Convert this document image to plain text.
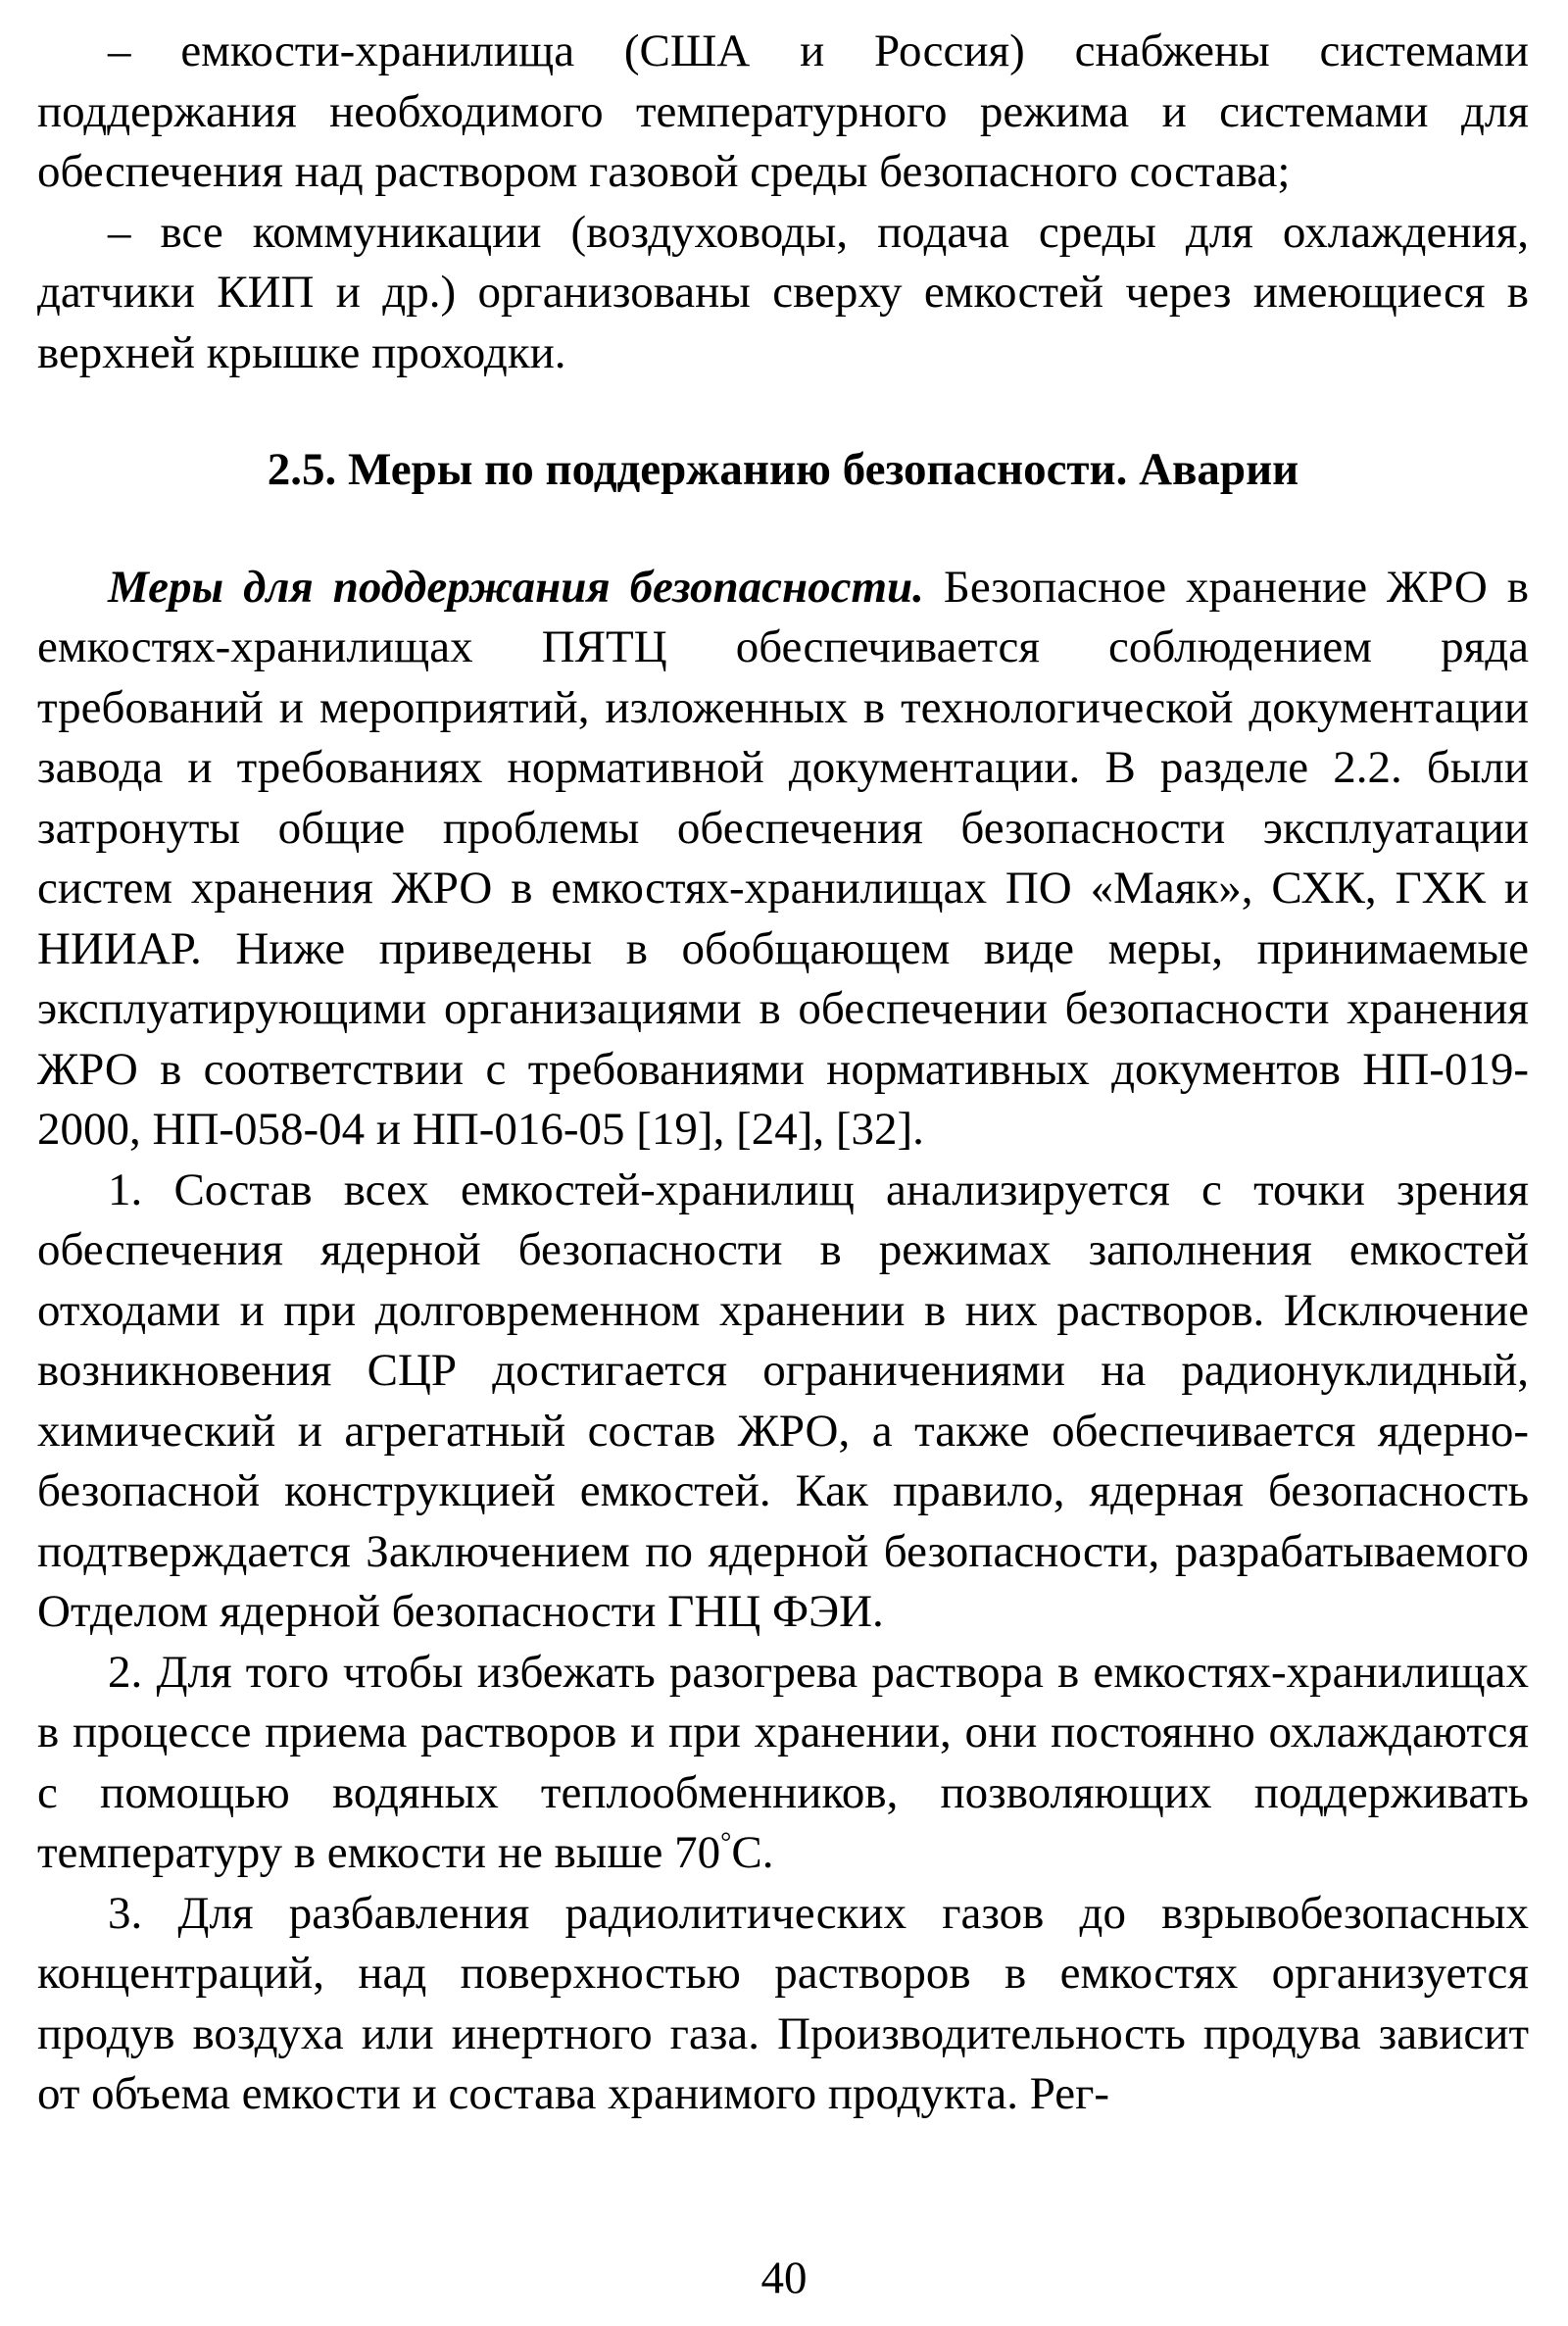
– емкости-хранилища (США и Россия) снабжены системами поддержания необходимого температурного режима и системами для обеспечения над раствором газовой среды безопасного состава;

– все коммуникации (воздуховоды, подача среды для охлаждения, датчики КИП и др.) организованы сверху емкостей через имеющиеся в верхней крышке проходки.

2.5. Меры по поддержанию безопасности. Аварии

Меры для поддержания безопасности. Безопасное хранение ЖРО в емкостях-хранилищах ПЯТЦ обеспечивается соблюдением ряда требований и мероприятий, изложенных в технологической документации завода и требованиях нормативной документации. В разделе 2.2. были затронуты общие проблемы обеспечения безопасности эксплуатации систем хранения ЖРО в емкостях-хранилищах ПО «Маяк», СХК, ГХК и НИИАР. Ниже приведены в обобщающем виде меры, принимаемые эксплуатирующими организациями в обеспечении безопасности хранения ЖРО в соответствии с требованиями нормативных документов НП-019-2000, НП-058-04 и НП-016-05 [19], [24], [32].

1. Состав всех емкостей-хранилищ анализируется с точки зрения обеспечения ядерной безопасности в режимах заполнения емкостей отходами и при долговременном хранении в них растворов. Исключение возникновения СЦР достигается ограничениями на радионуклидный, химический и агрегатный состав ЖРО, а также обеспечивается ядерно-безопасной конструкцией емкостей. Как правило, ядерная безопасность подтверждается Заключением по ядерной безопасности, разрабатываемого Отделом ядерной безопасности ГНЦ ФЭИ.

2. Для того чтобы избежать разогрева раствора в емкостях-хранилищах в процессе приема растворов и при хранении, они постоянно охлаждаются с помощью водяных теплообменников, позволяющих поддерживать температуру в емкости не выше 70°С.

3. Для разбавления радиолитических газов до взрывобезопасных концентраций, над поверхностью растворов в емкостях организуется продув воздуха или инертного газа. Производительность продува зависит от объема емкости и состава хранимого продукта. Рег-

40
